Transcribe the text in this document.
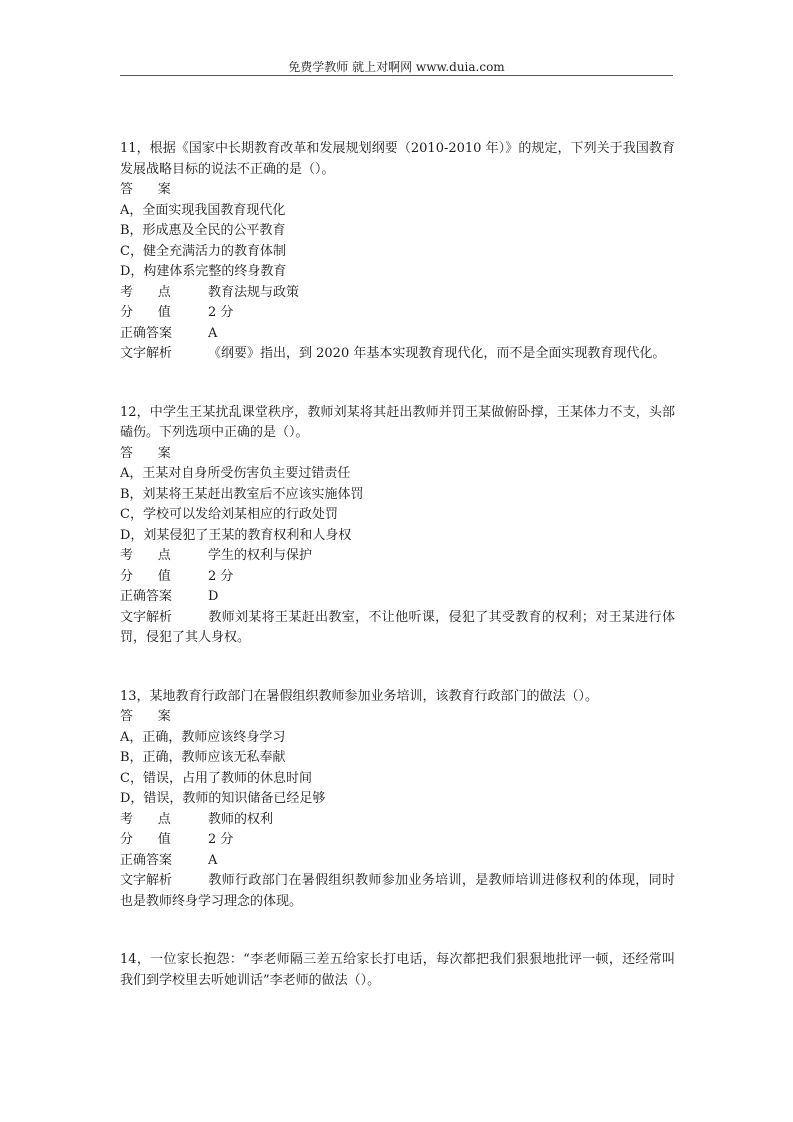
免费学教师 就上对啊网 www.duia.com
11，根据《国家中长期教育改革和发展规划纲要（2010-2010 年）》的规定，下列关于我国教育发展战略目标的说法不正确的是（）。
答      案
A，全面实现我国教育现代化
B，形成惠及全民的公平教育
C，健全充满活力的教育体制
D，构建体系完整的终身教育
考      点	教育法规与政策
分      值	2 分
正确答案	A
文字解析	《纲要》指出，到 2020 年基本实现教育现代化，而不是全面实现教育现代化。
12，中学生王某扰乱课堂秩序，教师刘某将其赶出教师并罚王某做俯卧撑，王某体力不支，头部磕伤。下列选项中正确的是（）。
答      案
A，王某对自身所受伤害负主要过错责任
B，刘某将王某赶出教室后不应该实施体罚
C，学校可以发给刘某相应的行政处罚
D，刘某侵犯了王某的教育权利和人身权
考      点	学生的权利与保护
分      值	2 分
正确答案	D
文字解析	教师刘某将王某赶出教室，不让他听课，侵犯了其受教育的权利；对王某进行体罚，侵犯了其人身权。
13，某地教育行政部门在暑假组织教师参加业务培训，该教育行政部门的做法（）。
答      案
A，正确，教师应该终身学习
B，正确，教师应该无私奉献
C，错误，占用了教师的休息时间
D，错误，教师的知识储备已经足够
考      点	教师的权利
分      值	2 分
正确答案	A
文字解析	教师行政部门在暑假组织教师参加业务培训，是教师培训进修权利的体现，同时也是教师终身学习理念的体现。
14，一位家长抱怨：“李老师隔三差五给家长打电话，每次都把我们狠狠地批评一顿，还经常叫我们到学校里去听她训话”李老师的做法（）。
